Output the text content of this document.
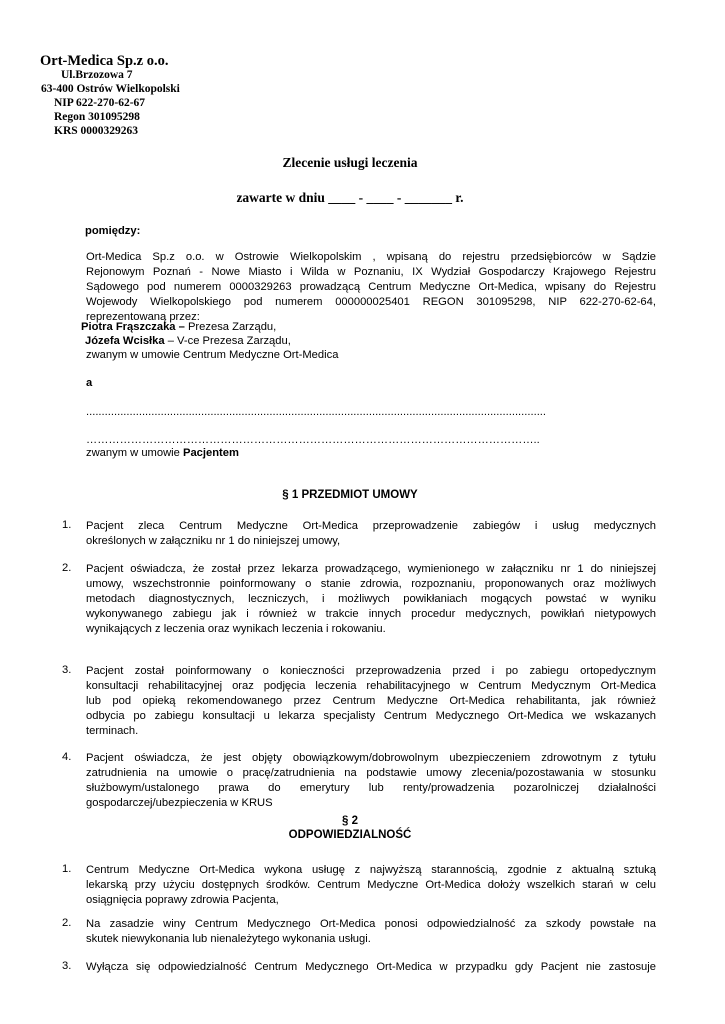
Ort-Medica Sp.z o.o.
Ul.Brzozowa 7
63-400 Ostrów Wielkopolski
NIP 622-270-62-67
Regon 301095298
KRS 0000329263
Zlecenie usługi leczenia
zawarte w dniu ____ - ____ - _______ r.
pomiędzy:
Ort-Medica Sp.z o.o. w Ostrowie Wielkopolskim , wpisaną do rejestru przedsiębiorców w Sądzie
Rejonowym Poznań - Nowe Miasto i Wilda w Poznaniu, IX Wydział Gospodarczy Krajowego Rejestru
Sądowego pod numerem 0000329263 prowadzącą Centrum Medyczne Ort-Medica, wpisany do Rejestru
Wojewody Wielkopolskiego pod numerem 000000025401 REGON 301095298, NIP 622-270-62-64,
reprezentowaną przez:
Piotra Frąszczaka – Prezesa Zarządu,
Józefa Wcisłka – V-ce Prezesa Zarządu,
zwanym w umowie Centrum Medyczne Ort-Medica
a
....................................................................................................................................................
…………………………………………………………………………………………………………..
zwanym w umowie Pacjentem
§ 1 PRZEDMIOT UMOWY
1. Pacjent zleca Centrum Medyczne Ort-Medica przeprowadzenie zabiegów i usług medycznych
określonych w załączniku nr 1 do niniejszej umowy,
2. Pacjent oświadcza, że został przez lekarza prowadzącego, wymienionego w załączniku nr 1 do niniejszej
umowy, wszechstronnie poinformowany o stanie zdrowia, rozpoznaniu, proponowanych oraz możliwych
metodach diagnostycznych, leczniczych, i możliwych powikłaniach mogących powstać w wyniku
wykonywanego zabiegu jak i również w trakcie innych procedur medycznych, powikłań nietypowych
wynikających z leczenia oraz wynikach leczenia i rokowaniu.
3. Pacjent został poinformowany o konieczności przeprowadzenia przed i po zabiegu ortopedycznym
konsultacji rehabilitacyjnej oraz podjęcia leczenia rehabilitacyjnego w Centrum Medycznym Ort-Medica
lub pod opieką rekomendowanego przez Centrum Medyczne Ort-Medica rehabilitanta, jak również
odbycia po zabiegu konsultacji u lekarza specjalisty Centrum Medycznego Ort-Medica we wskazanych
terminach.
4. Pacjent oświadcza, że jest objęty obowiązkowym/dobrowolnym ubezpieczeniem zdrowotnym z tytułu
zatrudnienia na umowie o pracę/zatrudnienia na podstawie umowy zlecenia/pozostawania w stosunku
służbowym/ustalonego prawa do emerytury lub renty/prowadzenia pozarolniczej działalności
gospodarczej/ubezpieczenia w KRUS
§ 2
ODPOWIEDZIALNOŚĆ
1. Centrum Medyczne Ort-Medica wykona usługę z najwyższą starannością, zgodnie z aktualną sztuką
lekarską przy użyciu dostępnych środków. Centrum Medyczne Ort-Medica dołoży wszelkich starań w celu
osiągnięcia poprawy zdrowia Pacjenta,
2. Na zasadzie winy Centrum Medycznego Ort-Medica ponosi odpowiedzialność za szkody powstałe na
skutek niewykonania lub nienależytego wykonania usługi.
3. Wyłącza się odpowiedzialność Centrum Medycznego Ort-Medica w przypadku gdy Pacjent nie zastosuje
